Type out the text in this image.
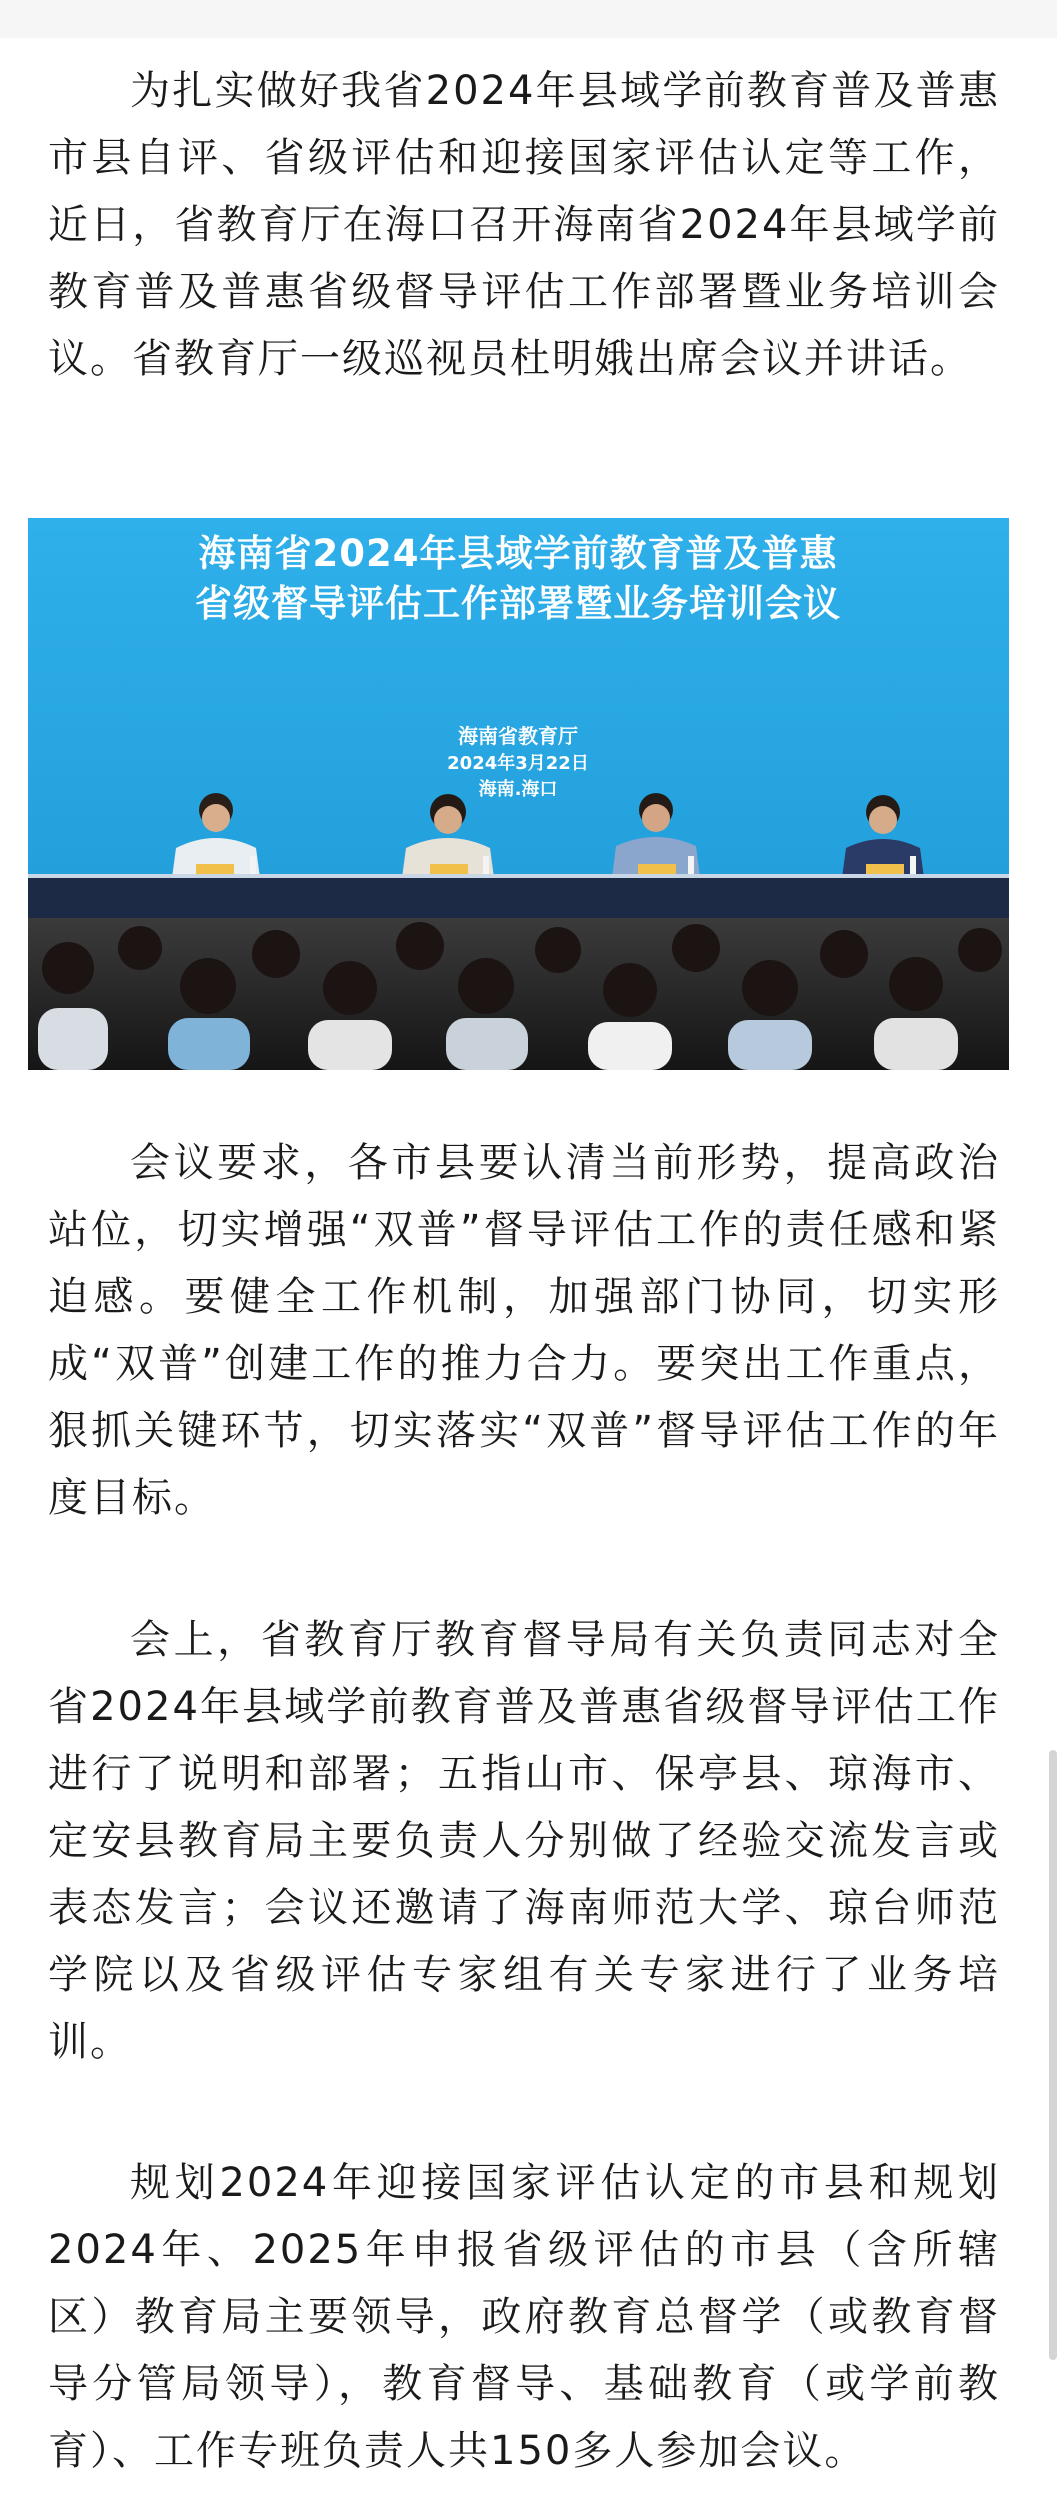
为扎实做好我省2024年县域学前教育普及普惠市县自评、省级评估和迎接国家评估认定等工作，近日，省教育厅在海口召开海南省2024年县域学前教育普及普惠省级督导评估工作部署暨业务培训会议。省教育厅一级巡视员杜明娥出席会议并讲话。

会议要求，各市县要认清当前形势，提高政治站位，切实增强“双普”督导评估工作的责任感和紧迫感。要健全工作机制，加强部门协同，切实形成“双普”创建工作的推力合力。要突出工作重点，狠抓关键环节，切实落实“双普”督导评估工作的年度目标。

会上，省教育厅教育督导局有关负责同志对全省2024年县域学前教育普及普惠省级督导评估工作进行了说明和部署；五指山市、保亭县、琼海市、定安县教育局主要负责人分别做了经验交流发言或表态发言；会议还邀请了海南师范大学、琼台师范学院以及省级评估专家组有关专家进行了业务培训。

规划2024年迎接国家评估认定的市县和规划2024年、2025年申报省级评估的市县（含所辖区）教育局主要领导，政府教育总督学（或教育督导分管局领导），教育督导、基础教育（或学前教育）、工作专班负责人共150多人参加会议。

海南省2024年县域学前教育普及普惠
省级督导评估工作部署暨业务培训会议
海南省教育厅
2024年3月22日
海南.海口
